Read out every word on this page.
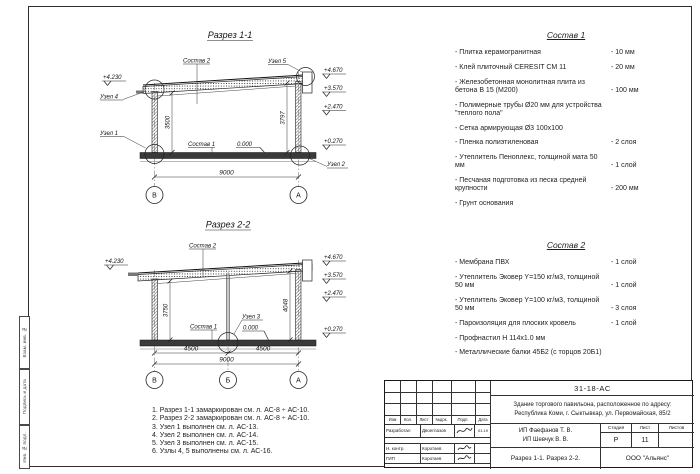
Взам. инв. №
Подпись и дата
Инв. № подл.
Разрез 1-1
Состав 2	Узел 5
+4.230
Узел 4
Узел 1
Состав 1	0.000
Узел 2
3500	3797
9000
В	А
+4.670
+3.570
+2.470
+0.270
Разрез 2-2
Состав 2
+4.230
Узел 3
Состав 1	0.000
3750	4048
4500	4500
9000
В	Б	А
+4.670
+3.570
+2.470
+0.270
Состав 1
- Плитка керамогранитная	- 10 мм
- Клей плиточный CERESIT СМ 11	- 20 мм
- Железобетонная монолитная плита из бетона В 15 (М200)	- 100 мм
- Полимерные трубы Ø20 мм для устройства "теплого пола"
- Сетка армирующая Ø3 100х100
- Пленка полиэтиленовая	- 2 слоя
- Утеплитель Пеноплекс, толщиной мата 50 мм	- 1 слой
- Песчаная подготовка из песка средней крупности	- 200 мм
- Грунт основания
Состав 2
- Мембрана ПВХ	- 1 слой
- Утеплитель Эковер Y=150 кг/м3, толщиной 50 мм	- 1 слой
- Утеплитель Эковер Y=100 кг/м3, толщиной 50 мм	- 3 слоя
- Пароизоляция для плоских кровель	- 1 слой
- Профнастил Н 114x1.0 мм
- Металлические балки 45Б2 (с торцов 20Б1)
1. Разрез 1-1 замаркирован см. л. АС-8 ÷ АС-10.
2. Разрез 2-2 замаркирован см. л. АС-8 ÷ АС-10.
3. Узел 1 выполнен см. л. АС-13.
4. Узел 2 выполнен см. л. АС-14.
5. Узел 3 выполнен см. л. АС-15.
6. Узлы 4, 5 выполнены см. л. АС-16.
Изм	Кол.	Лист	№док.	Подп.	Дата
Разработал	Двоеглазов	01.19
Н. контр.	Коротаев
ГИП	Коротаев
31-18-АС
Здание торгового павильона, расположенное по адресу:
Республика Коми, г. Сыктывкар, ул. Первомайская, 85/2
ИП Фаефанов Т. В.
ИП Шевчук В. В.
Стадия	Лист	Листов
Р	11
Разрез 1-1. Разрез 2-2.	ООО "Альянс"
